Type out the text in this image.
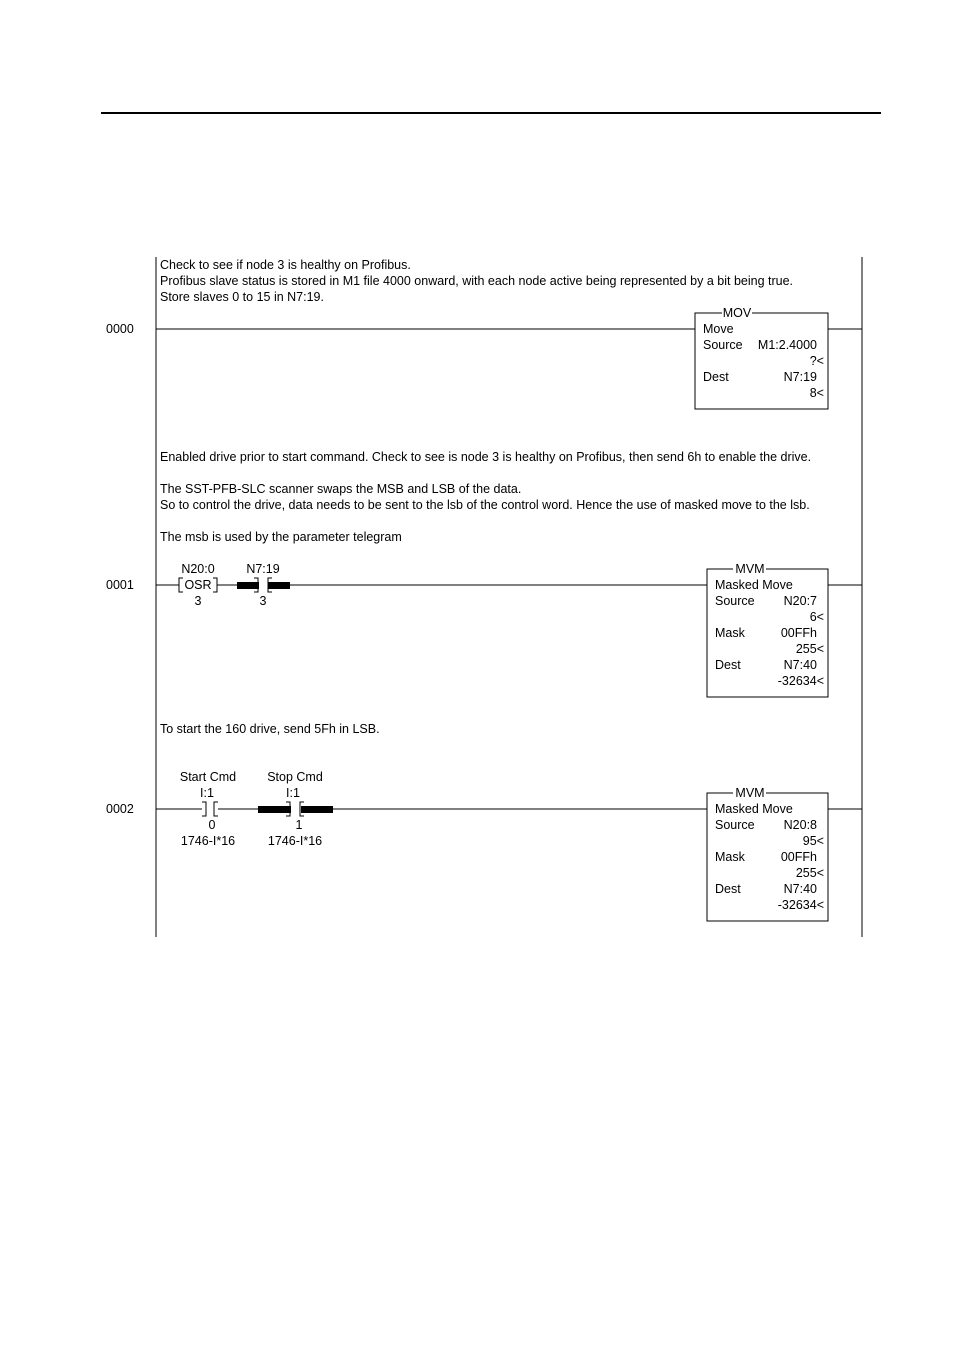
Check to see if node 3 is healthy on Profibus.
Profibus slave status is stored in M1 file 4000 onward, with each node active being represented by a bit being true.
Store slaves 0 to 15 in N7:19.
0000
MOV
Move
Source M1:2.4000
?<
Dest	N7:19
8<
Enabled drive prior to start command. Check to see is node 3 is healthy on Profibus, then send 6h to enable the drive.
The SST-PFB-SLC scanner swaps the MSB and LSB of the data.
So to control the drive, data needs to be sent to the lsb of the control word. Hence the use of masked move to the lsb.
The msb is used by the parameter telegram
0001
N20:0
OSR
3
N7:19
3
MVM
Masked Move
Source N20:7
6<
Mask	00FFh
255<
Dest	N7:40
-32634<
To start the 160 drive, send 5Fh in LSB.
0002
Start Cmd
I:1
0
1746-I*16
Stop Cmd
I:1
1
1746-I*16
MVM
Masked Move
Source N20:8
95<
Mask	00FFh
255<
Dest	N7:40
-32634<
